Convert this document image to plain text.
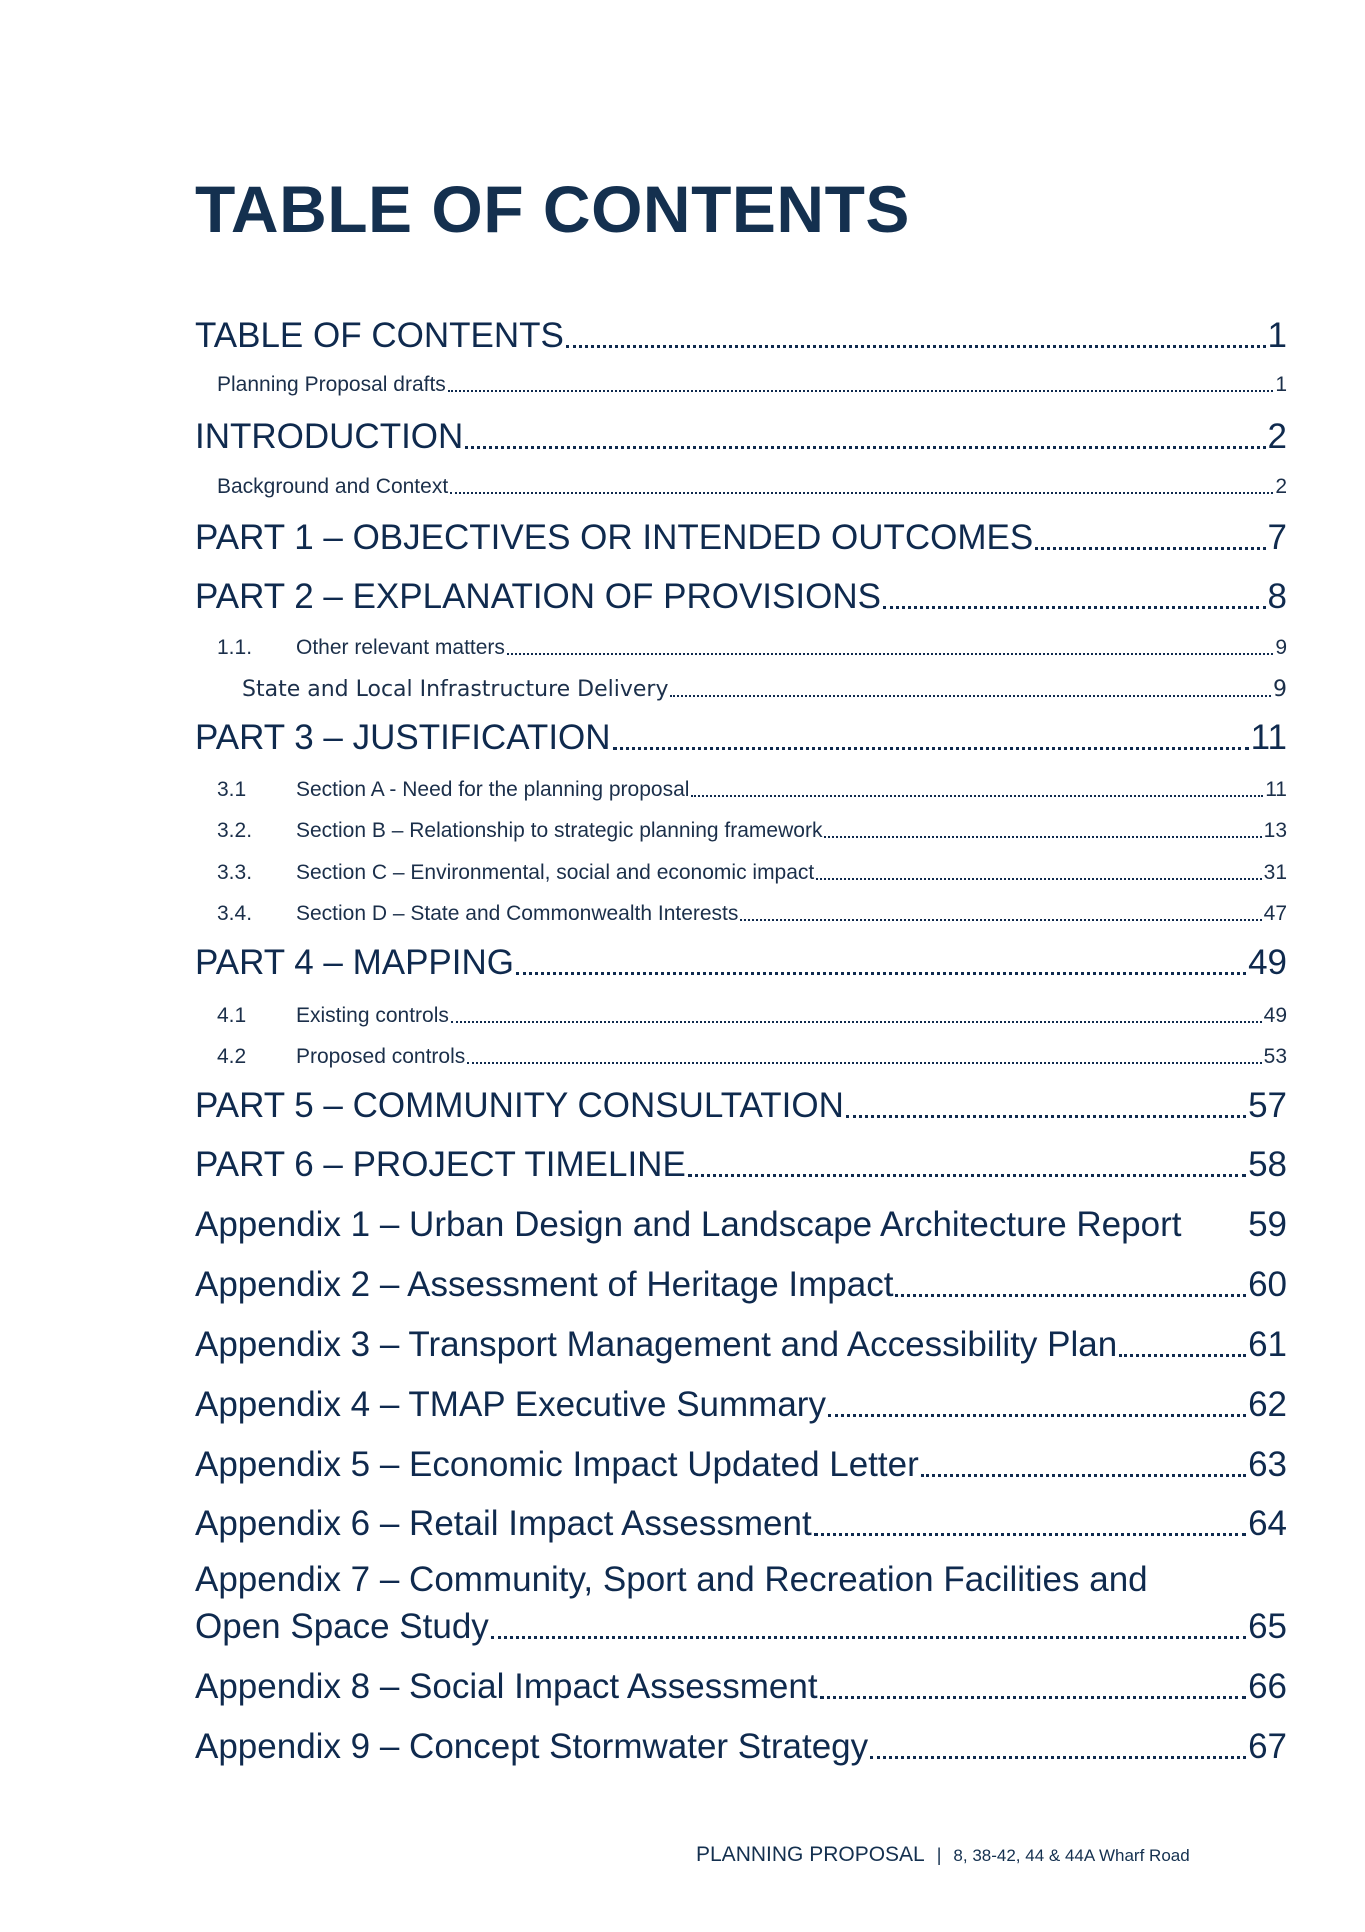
TABLE OF CONTENTS
TABLE OF CONTENTS	1
Planning Proposal drafts	1
INTRODUCTION	2
Background and Context	2
PART 1 – OBJECTIVES OR INTENDED OUTCOMES	7
PART 2 – EXPLANATION OF PROVISIONS	8
1.1. Other relevant matters	9
State and Local Infrastructure Delivery	9
PART 3 – JUSTIFICATION	11
3.1 Section A - Need for the planning proposal	11
3.2. Section B – Relationship to strategic planning framework	13
3.3. Section C – Environmental, social and economic impact	31
3.4. Section D – State and Commonwealth Interests	47
PART 4 – MAPPING	49
4.1 Existing controls	49
4.2 Proposed controls	53
PART 5 – COMMUNITY CONSULTATION	57
PART 6 – PROJECT TIMELINE	58
Appendix 1 – Urban Design and Landscape Architecture Report 59
Appendix 2 – Assessment of Heritage Impact	60
Appendix 3 – Transport Management and Accessibility Plan	61
Appendix 4 – TMAP Executive Summary	62
Appendix 5 – Economic Impact Updated Letter	63
Appendix 6 – Retail Impact Assessment	64
Appendix 7 – Community, Sport and Recreation Facilities and
Open Space Study	65
Appendix 8 – Social Impact Assessment	66
Appendix 9 – Concept Stormwater Strategy	67
PLANNING PROPOSAL | 8, 38-42, 44 & 44A Wharf Road
